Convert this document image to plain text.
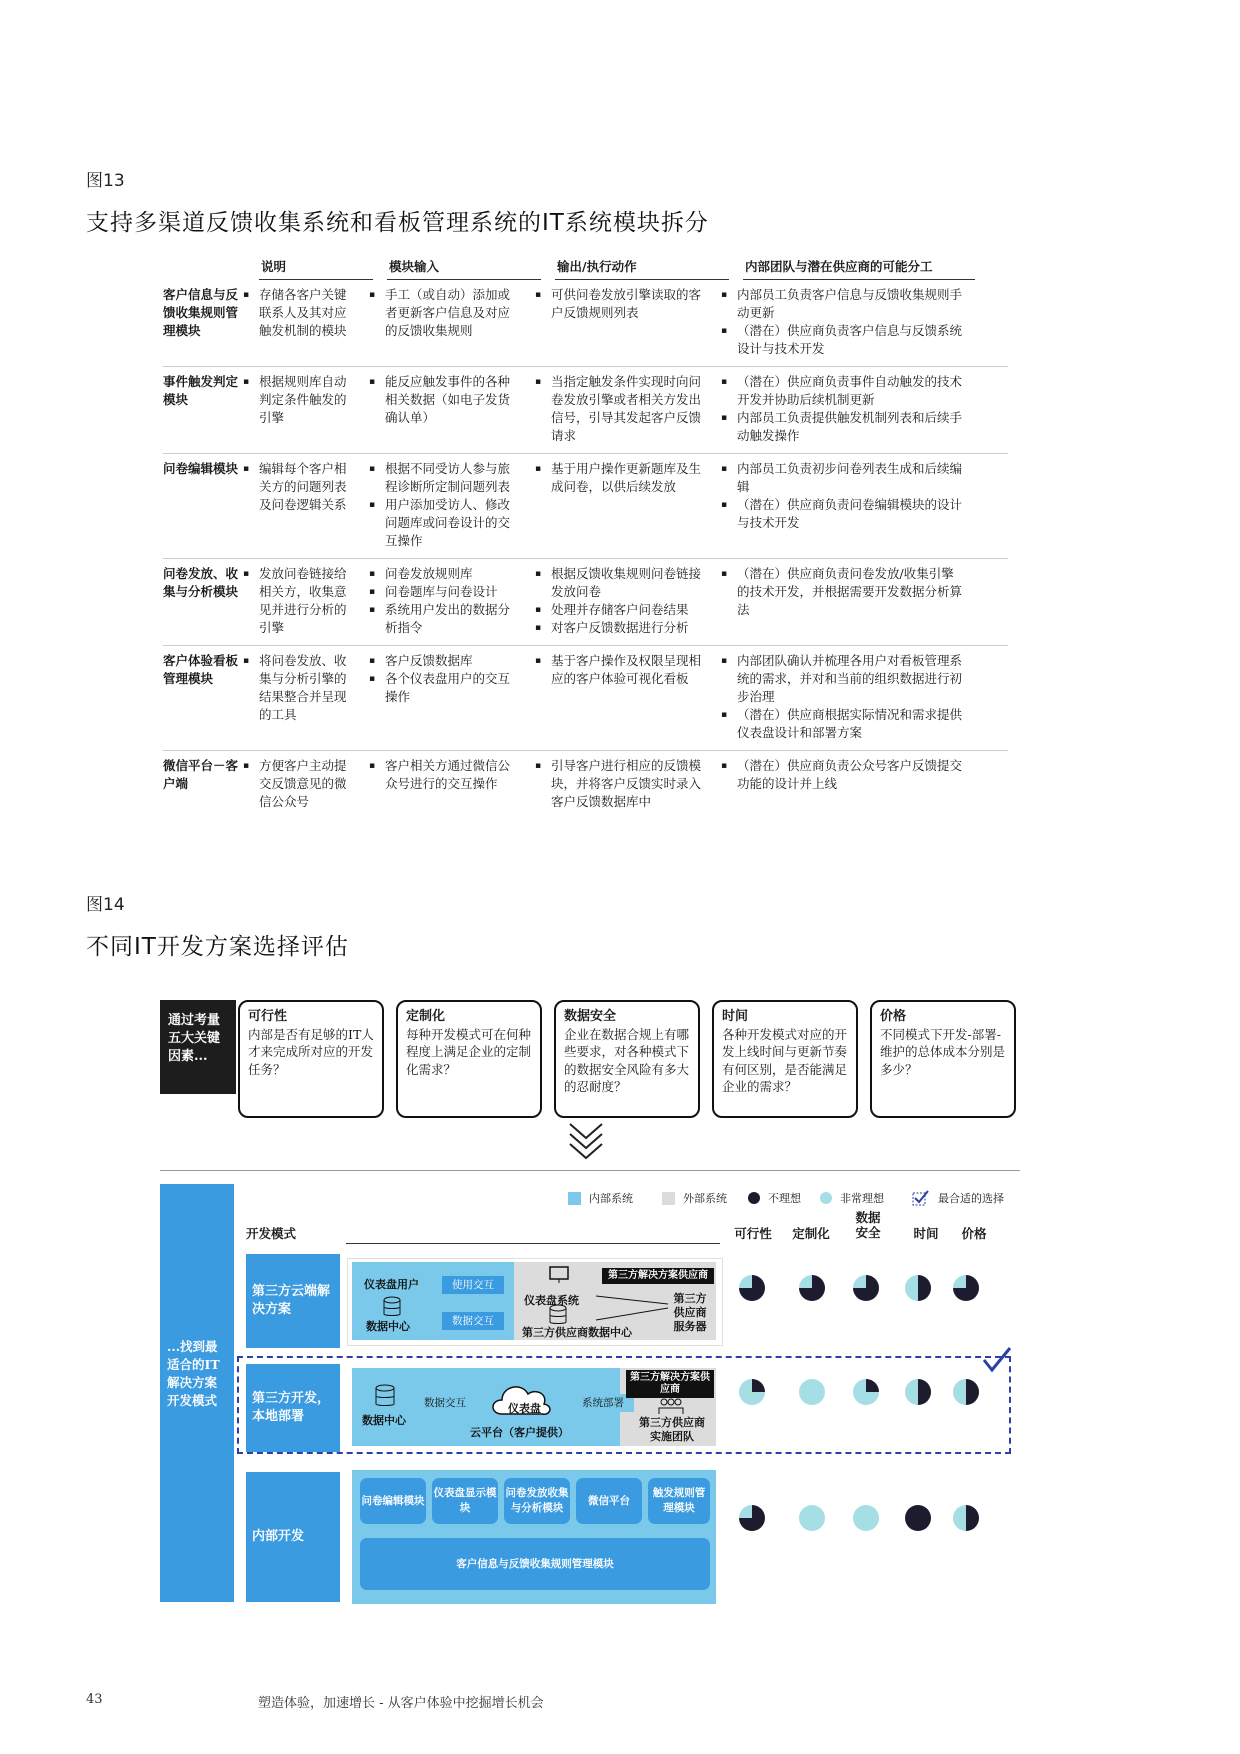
图13
支持多渠道反馈收集系统和看板管理系统的IT系统模块拆分
说明	模块输入	输出/执行动作	内部团队与潜在供应商的可能分工
客户信息与反馈收集规则管理模块
▪ 存储各客户关键联系人及其对应触发机制的模块
▪ 手工（或自动）添加或者更新客户信息及对应的反馈收集规则
▪ 可供问卷发放引擎读取的客户反馈规则列表
▪ 内部员工负责客户信息与反馈收集规则手动更新
▪ （潜在）供应商负责客户信息与反馈系统设计与技术开发
事件触发判定模块
▪ 根据规则库自动判定条件触发的引擎
▪ 能反应触发事件的各种相关数据（如电子发货确认单）
▪ 当指定触发条件实现时向问卷发放引擎或者相关方发出信号，引导其发起客户反馈请求
▪ （潜在）供应商负责事件自动触发的技术开发并协助后续机制更新
▪ 内部员工负责提供触发机制列表和后续手动触发操作
问卷编辑模块
▪ 编辑每个客户相关方的问题列表及问卷逻辑关系
▪ 根据不同受访人参与旅程诊断所定制问题列表
▪ 用户添加受访人、修改问题库或问卷设计的交互操作
▪ 基于用户操作更新题库及生成问卷，以供后续发放
▪ 内部员工负责初步问卷列表生成和后续编辑
▪ （潜在）供应商负责问卷编辑模块的设计与技术开发
问卷发放、收集与分析模块
▪ 发放问卷链接给相关方，收集意见并进行分析的引擎
▪ 问卷发放规则库
▪ 问卷题库与问卷设计
▪ 系统用户发出的数据分析指令
▪ 根据反馈收集规则问卷链接发放问卷
▪ 处理并存储客户问卷结果
▪ 对客户反馈数据进行分析
▪ （潜在）供应商负责问卷发放/收集引擎的技术开发，并根据需要开发数据分析算法
客户体验看板管理模块
▪ 将问卷发放、收集与分析引擎的结果整合并呈现的工具
▪ 客户反馈数据库
▪ 各个仪表盘用户的交互操作
▪ 基于客户操作及权限呈现相应的客户体验可视化看板
▪ 内部团队确认并梳理各用户对看板管理系统的需求，并对和当前的组织数据进行初步治理
▪ （潜在）供应商根据实际情况和需求提供仪表盘设计和部署方案
微信平台－客户端
▪ 方便客户主动提交反馈意见的微信公众号
▪ 客户相关方通过微信公众号进行的交互操作
▪ 引导客户进行相应的反馈模块，并将客户反馈实时录入客户反馈数据库中
▪ （潜在）供应商负责公众号客户反馈提交功能的设计并上线
图14
不同IT开发方案选择评估
通过考量五大关键因素...
可行性
内部是否有足够的IT人才来完成所对应的开发任务？
定制化
每种开发模式可在何种程度上满足企业的定制化需求？
数据安全
企业在数据合规上有哪些要求，对各种模式下的数据安全风险有多大的忍耐度？
时间
各种开发模式对应的开发上线时间与更新节奏有何区别，是否能满足企业的需求？
价格
不同模式下开发-部署-维护的总体成本分别是多少？
内部系统	外部系统	不理想	非常理想	最合适的选择
开发模式	可行性	定制化
数据安全	时间	价格
...找到最适合的IT解决方案开发模式
第三方云端解决方案
仪表盘用户
数据中心
使用交互
数据交互
第三方解决方案供应商
仪表盘系统
第三方供应商数据中心
第三方供应商服务器
第三方开发，本地部署	数据中心
数据交互	仪表盘
云平台（客户提供）
系统部署
第三方解决方案供应商
第三方供应商实施团队
内部开发
问卷编辑模块
仪表盘显示模块
问卷发放收集与分析模块
微信平台
触发规则管理模块
客户信息与反馈收集规则管理模块
43	塑造体验，加速增长 - 从客户体验中挖掘增长机会
